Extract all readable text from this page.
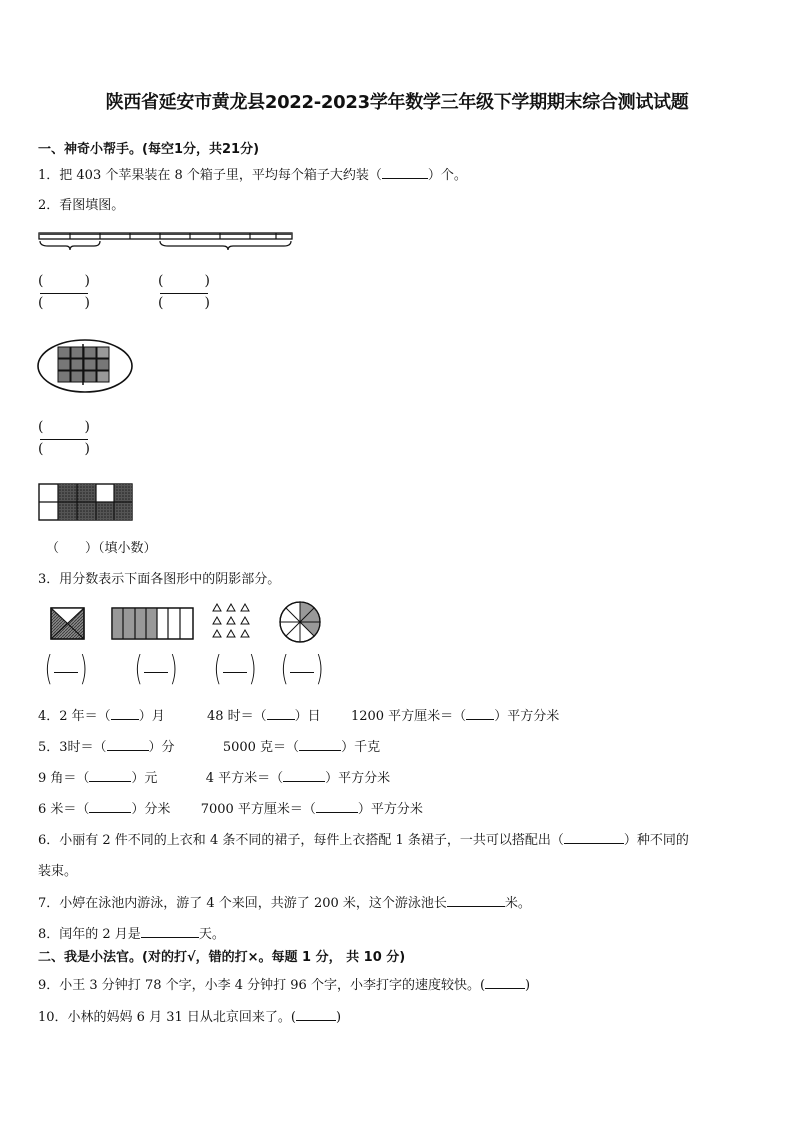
陕西省延安市黄龙县2022-2023学年数学三年级下学期期末综合测试试题
一、神奇小帮手。(每空1分，共21分)
1．把 403 个苹果装在 8 个箱子里，平均每个箱子大约装（	）个。
2．看图填图。
(	)
(	)
(	)
(	)
(	)
(	)
（　　）（填小数）
3．用分数表示下面各图形中的阴影部分。
( ) ( ) ( ) ( )
4．2 年＝（ ）月	48 时＝（ ）日 1200 平方厘米＝（ ）平方分米
5．3时＝（	）分	5000 克＝（	）千克
9 角＝（	）元	4 平方米＝（	）平方分米
6 米＝（	）分米 7000 平方厘米＝（	）平方分米
6．小丽有 2 件不同的上衣和 4 条不同的裙子，每件上衣搭配 1 条裙子，一共可以搭配出（	）种不同的
装束。
7．小婷在泳池内游泳，游了 4 个来回，共游了 200 米，这个游泳池长	米。
8．闰年的 2 月是	天。
二、我是小法官。(对的打√，错的打×。每题 1 分， 共 10 分)
9．小王 3 分钟打 78 个字，小李 4 分钟打 96 个字，小李打字的速度较快。(	)
10．小林的妈妈 6 月 31 日从北京回来了。(	)
